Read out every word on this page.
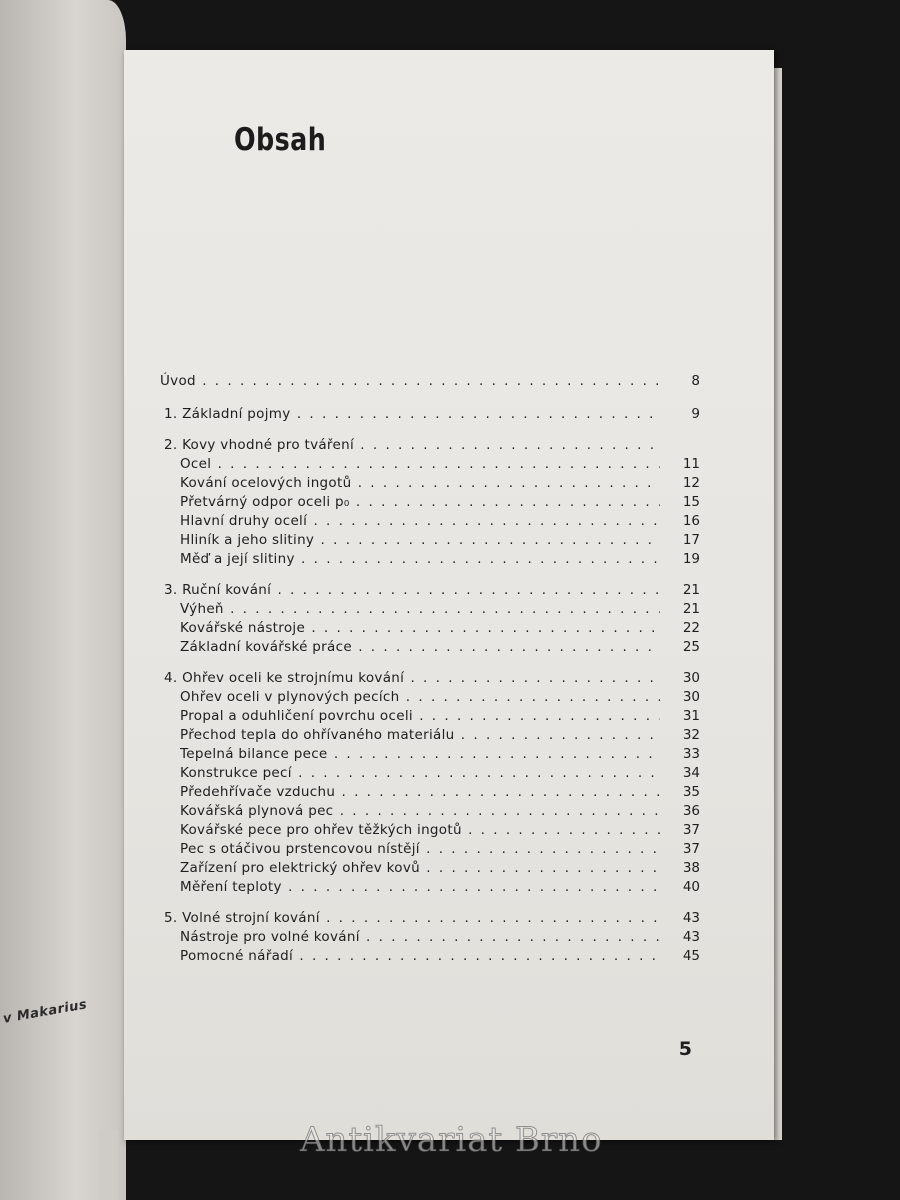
v Makarius
Obsah
Úvod . . .	8
1. Základní pojmy . . .	9
2. Kovy vhodné pro tváření . . .
Ocel . . .	11
Kování ocelových ingotů . . .	12
Přetvárný odpor oceli p₀ . . .	15
Hlavní druhy ocelí . . .	16
Hliník a jeho slitiny . . .	17
Měď a její slitiny . . .	19
3. Ruční kování . . .	21
Výheň . . .	21
Kovářské nástroje . . .	22
Základní kovářské práce . . .	25
4. Ohřev oceli ke strojnímu kování . . .	30
Ohřev oceli v plynových pecích . . .	30
Propal a oduhličení povrchu oceli . . .	31
Přechod tepla do ohřívaného materiálu . . .	32
Tepelná bilance pece . . .	33
Konstrukce pecí . . .	34
Předehřívače vzduchu . . .	35
Kovářská plynová pec . . .	36
Kovářské pece pro ohřev těžkých ingotů . . .	37
Pec s otáčivou prstencovou nístějí . . .	37
Zařízení pro elektrický ohřev kovů . . .	38
Měření teploty . . .	40
5. Volné strojní kování . . .	43
Nástroje pro volné kování . . .	43
Pomocné nářadí . . .	45
5
Antikvariat Brno
